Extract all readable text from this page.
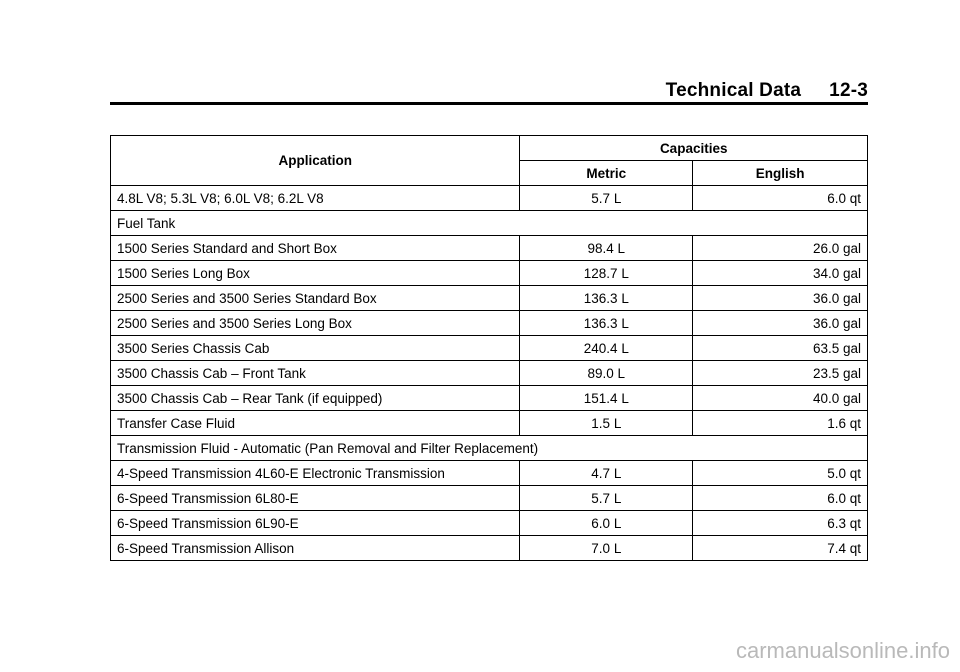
Technical Data 12-3
Application	Capacities	
	Metric	English
4.8L V8; 5.3L V8; 6.0L V8; 6.2L V8	5.7 L	6.0 qt
Fuel Tank		
1500 Series Standard and Short Box	98.4 L	26.0 gal
1500 Series Long Box	128.7 L	34.0 gal
2500 Series and 3500 Series Standard Box	136.3 L	36.0 gal
2500 Series and 3500 Series Long Box	136.3 L	36.0 gal
3500 Series Chassis Cab	240.4 L	63.5 gal
3500 Chassis Cab – Front Tank	89.0 L	23.5 gal
3500 Chassis Cab – Rear Tank (if equipped)	151.4 L	40.0 gal
Transfer Case Fluid	1.5 L	1.6 qt
Transmission Fluid - Automatic (Pan Removal and Filter Replacement)		
4-Speed Transmission 4L60-E Electronic Transmission	4.7 L	5.0 qt
6-Speed Transmission 6L80-E	5.7 L	6.0 qt
6-Speed Transmission 6L90-E	6.0 L	6.3 qt
6-Speed Transmission Allison	7.0 L	7.4 qt
carmanualsonline.info
